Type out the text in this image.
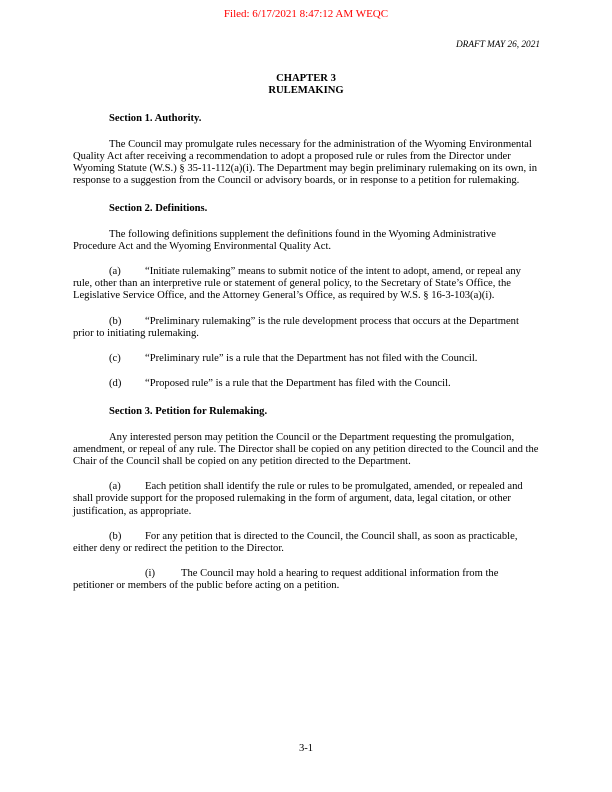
Filed: 6/17/2021 8:47:12 AM WEQC
DRAFT MAY 26, 2021

CHAPTER 3

RULEMAKING

Section 1. Authority.

The Council may promulgate rules necessary for the administration of the Wyoming Environmental Quality Act after receiving a recommendation to adopt a proposed rule or rules from the Director under Wyoming Statute (W.S.) § 35-11-112(a)(i). The Department may begin preliminary rulemaking on its own, in response to a suggestion from the Council or advisory boards, or in response to a petition for rulemaking.

Section 2. Definitions.

The following definitions supplement the definitions found in the Wyoming Administrative Procedure Act and the Wyoming Environmental Quality Act.

(a) “Initiate rulemaking” means to submit notice of the intent to adopt, amend, or repeal any rule, other than an interpretive rule or statement of general policy, to the Secretary of State’s Office, the Legislative Service Office, and the Attorney General’s Office, as required by W.S. § 16-3-103(a)(i).

(b) “Preliminary rulemaking” is the rule development process that occurs at the Department prior to initiating rulemaking.

(c) “Preliminary rule” is a rule that the Department has not filed with the Council.

(d) “Proposed rule” is a rule that the Department has filed with the Council.

Section 3. Petition for Rulemaking.

Any interested person may petition the Council or the Department requesting the promulgation, amendment, or repeal of any rule. The Director shall be copied on any petition directed to the Council and the Chair of the Council shall be copied on any petition directed to the Department.

(a) Each petition shall identify the rule or rules to be promulgated, amended, or repealed and shall provide support for the proposed rulemaking in the form of argument, data, legal citation, or other justification, as appropriate.

(b) For any petition that is directed to the Council, the Council shall, as soon as practicable, either deny or redirect the petition to the Director.

(i) The Council may hold a hearing to request additional information from the petitioner or members of the public before acting on a petition.

3-1
